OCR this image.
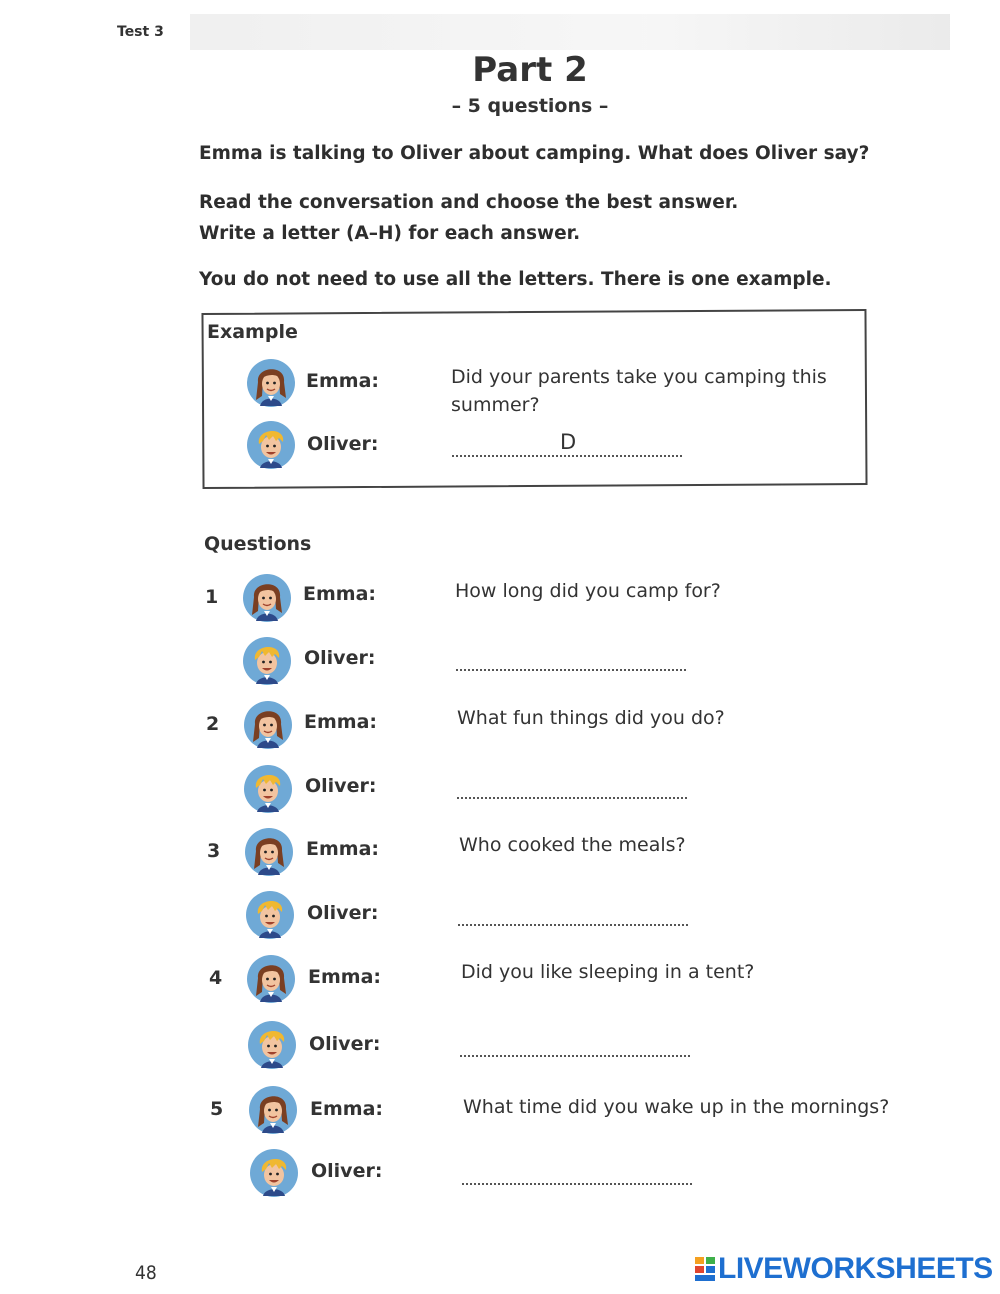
Test 3
Part 2
– 5 questions –
Emma is talking to Oliver about camping. What does Oliver say?
Read the conversation and choose the best answer.
Write a letter (A–H) for each answer.
You do not need to use all the letters. There is one example.
Example
Emma:	Did your parents take you camping this
summer?
Oliver:	D
Questions
1	Emma:	How long did you camp for?
Oliver:
2	Emma:	What fun things did you do?
Oliver:
3	Emma:	Who cooked the meals?
Oliver:
4	Emma:	Did you like sleeping in a tent?
Oliver:
5	Emma:	What time did you wake up in the mornings?
Oliver:
48	LIVEWORKSHEETS
